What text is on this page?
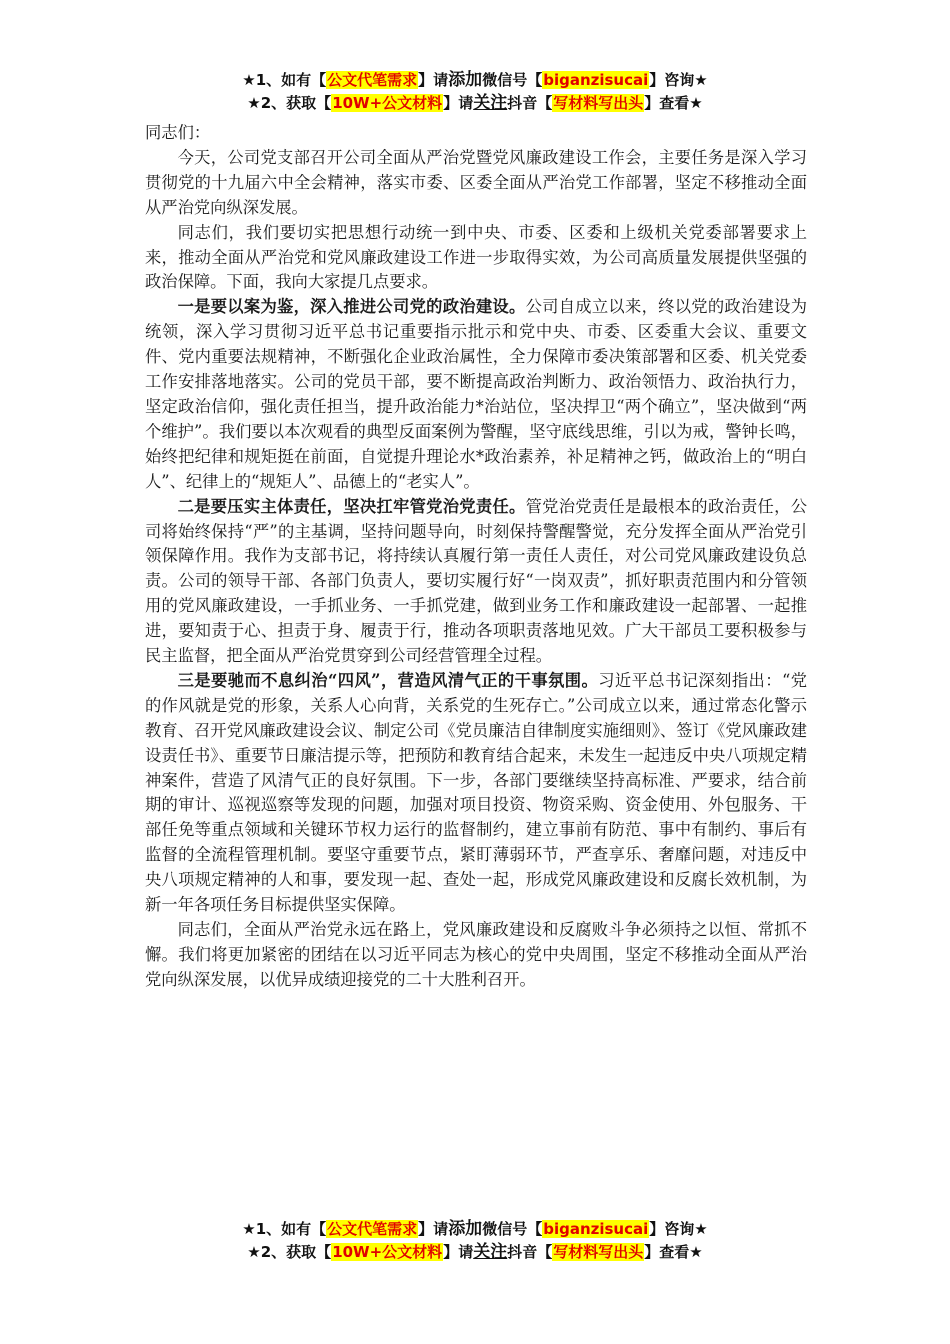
★1、如有【公文代笔需求】请添加微信号【biganzisucai】咨询★
★2、获取【10W+公文材料】请关注抖音【写材料写出头】查看★

同志们：

今天，公司党支部召开公司全面从严治党暨党风廉政建设工作会，主要任务是深入学习贯彻党的十九届六中全会精神，落实市委、区委全面从严治党工作部署，坚定不移推动全面从严治党向纵深发展。

同志们，我们要切实把思想行动统一到中央、市委、区委和上级机关党委部署要求上来，推动全面从严治党和党风廉政建设工作进一步取得实效，为公司高质量发展提供坚强的政治保障。下面，我向大家提几点要求。

一是要以案为鉴，深入推进公司党的政治建设。公司自成立以来，终以党的政治建设为统领，深入学习贯彻习近平总书记重要指示批示和党中央、市委、区委重大会议、重要文件、党内重要法规精神，不断强化企业政治属性，全力保障市委决策部署和区委、机关党委工作安排落地落实。公司的党员干部，要不断提高政治判断力、政治领悟力、政治执行力，坚定政治信仰，强化责任担当，提升政治能力*治站位，坚决捍卫“两个确立”，坚决做到“两个维护”。我们要以本次观看的典型反面案例为警醒，坚守底线思维，引以为戒，警钟长鸣，始终把纪律和规矩挺在前面，自觉提升理论水*政治素养，补足精神之钙，做政治上的“明白人”、纪律上的“规矩人”、品德上的“老实人”。

二是要压实主体责任，坚决扛牢管党治党责任。管党治党责任是最根本的政治责任，公司将始终保持“严”的主基调，坚持问题导向，时刻保持警醒警觉，充分发挥全面从严治党引领保障作用。我作为支部书记，将持续认真履行第一责任人责任，对公司党风廉政建设负总责。公司的领导干部、各部门负责人，要切实履行好“一岗双责”，抓好职责范围内和分管领用的党风廉政建设，一手抓业务、一手抓党建，做到业务工作和廉政建设一起部署、一起推进，要知责于心、担责于身、履责于行，推动各项职责落地见效。广大干部员工要积极参与民主监督，把全面从严治党贯穿到公司经营管理全过程。

三是要驰而不息纠治“四风”，营造风清气正的干事氛围。习近平总书记深刻指出：“党的作风就是党的形象，关系人心向背，关系党的生死存亡。”公司成立以来，通过常态化警示教育、召开党风廉政建设会议、制定公司《党员廉洁自律制度实施细则》、签订《党风廉政建设责任书》、重要节日廉洁提示等，把预防和教育结合起来，未发生一起违反中央八项规定精神案件，营造了风清气正的良好氛围。下一步，各部门要继续坚持高标准、严要求，结合前期的审计、巡视巡察等发现的问题，加强对项目投资、物资采购、资金使用、外包服务、干部任免等重点领域和关键环节权力运行的监督制约，建立事前有防范、事中有制约、事后有监督的全流程管理机制。要坚守重要节点，紧盯薄弱环节，严查享乐、奢靡问题，对违反中央八项规定精神的人和事，要发现一起、查处一起，形成党风廉政建设和反腐长效机制，为新一年各项任务目标提供坚实保障。

同志们，全面从严治党永远在路上，党风廉政建设和反腐败斗争必须持之以恒、常抓不懈。我们将更加紧密的团结在以习近平同志为核心的党中央周围，坚定不移推动全面从严治党向纵深发展，以优异成绩迎接党的二十大胜利召开。

★1、如有【公文代笔需求】请添加微信号【biganzisucai】咨询★
★2、获取【10W+公文材料】请关注抖音【写材料写出头】查看★
